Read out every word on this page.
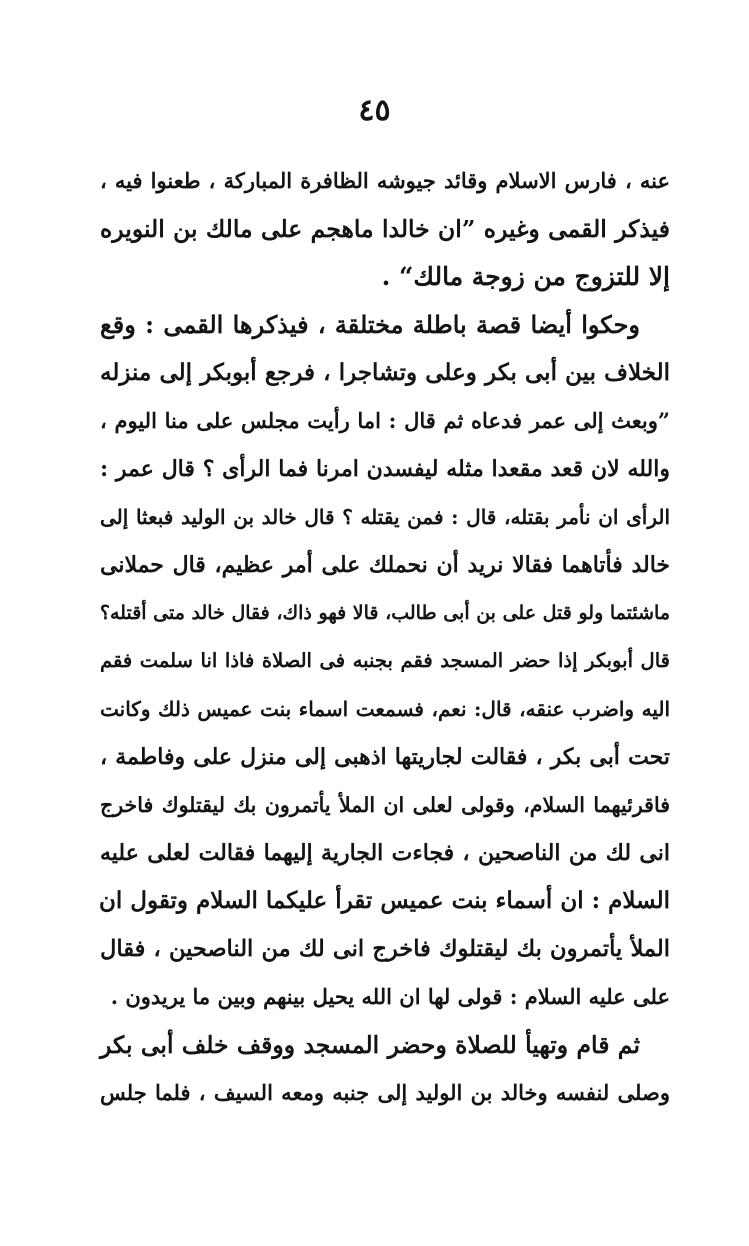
٤٥
عنه ، فارس الاسلام وقائد جيوشه الظافرة المباركة ، طعنوا فيه ،
فيذكر القمى وغيره ”ان خالدا ماهجم على مالك بن النويره
إلا للتزوج من زوجة مالك“ .
وحكوا أيضا قصة باطلة مختلقة ، فيذكرها القمى : وقع
الخلاف بين أبى بكر وعلى وتشاجرا ، فرجع أبوبكر إلى منزله
”وبعث إلى عمر فدعاه ثم قال : اما رأيت مجلس على منا اليوم ،
والله لان قعد مقعدا مثله ليفسدن امرنا فما الرأى ؟ قال عمر :
الرأى ان نأمر بقتله، قال : فمن يقتله ؟ قال خالد بن الوليد فبعثا إلى
خالد فأتاهما فقالا نريد أن نحملك على أمر عظيم، قال حملانى
ماشئتما ولو قتل على بن أبى طالب، قالا فهو ذاك، فقال خالد متى أقتله؟
قال أبوبكر إذا حضر المسجد فقم بجنبه فى الصلاة فاذا انا سلمت فقم
اليه واضرب عنقه، قال: نعم، فسمعت اسماء بنت عميس ذلك وكانت
تحت أبى بكر ، فقالت لجاريتها اذهبى إلى منزل على وفاطمة ،
فاقرئيهما السلام، وقولى لعلى ان الملأ يأتمرون بك ليقتلوك فاخرج
انى لك من الناصحين ، فجاءت الجارية إليهما فقالت لعلى عليه
السلام : ان أسماء بنت عميس تقرأ عليكما السلام وتقول ان
الملأ يأتمرون بك ليقتلوك فاخرج انى لك من الناصحين ، فقال
على عليه السلام : قولى لها ان الله يحيل بينهم وبين ما يريدون .
ثم قام وتهيأ للصلاة وحضر المسجد ووقف خلف أبى بكر
وصلى لنفسه وخالد بن الوليد إلى جنبه ومعه السيف ، فلما جلس
